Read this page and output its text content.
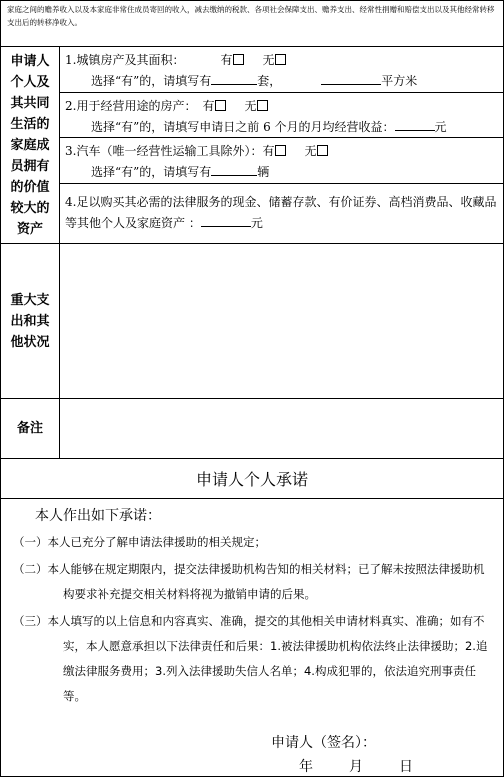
家庭之间的赡养收入以及本家庭非常住成员寄回的收入，减去缴纳的税款、各项社会保障支出、赡养支出、经常性捐赠和赔偿支出以及其他经常转移支出后的转移净收入。
申请人个人及其共同生活的家庭成员拥有的价值较大的资产
1.城镇房产及其面积：	有	无
选择“有”的，请填写有	套，	平方米
2.用于经营用途的房产： 有	无
选择“有”的，请填写申请日之前 6 个月的月均经营收益：	元
3.汽车（唯一经营性运输工具除外）：有	无
选择“有”的，请填写有	辆
4.足以购买其必需的法律服务的现金、储蓄存款、有价证券、高档消费品、收藏品等其他个人及家庭资产 ：	元
重大支出和其他状况
备注
申请人个人承诺
本人作出如下承诺：
（一）本人已充分了解申请法律援助的相关规定；
（二）本人能够在规定期限内，提交法律援助机构告知的相关材料；已了解未按照法律援助机构要求补充提交相关材料将视为撤销申请的后果。
（三）本人填写的以上信息和内容真实、准确，提交的其他相关申请材料真实、准确；如有不实，本人愿意承担以下法律责任和后果：1.被法律援助机构依法终止法律援助；2.追缴法律服务费用；3.列入法律援助失信人名单；4.构成犯罪的，依法追究刑事责任等。
申请人（签名）：
年	月	日
